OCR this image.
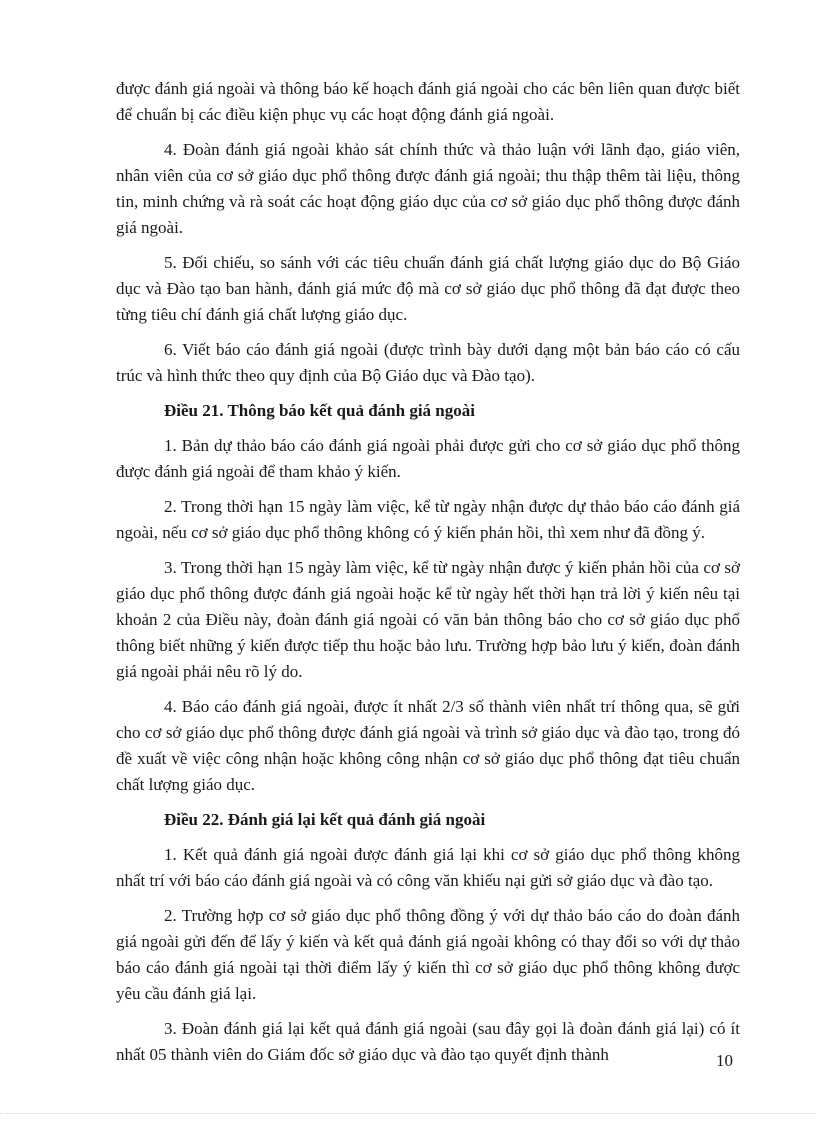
được đánh giá ngoài và thông báo kế hoạch đánh giá ngoài cho các bên liên quan được biết để chuẩn bị các điều kiện phục vụ các hoạt động đánh giá ngoài.

4. Đoàn đánh giá ngoài khảo sát chính thức và thảo luận với lãnh đạo, giáo viên, nhân viên của cơ sở giáo dục phổ thông được đánh giá ngoài; thu thập thêm tài liệu, thông tin, minh chứng và rà soát các hoạt động giáo dục của cơ sở giáo dục phổ thông được đánh giá ngoài.

5. Đối chiếu, so sánh với các tiêu chuẩn đánh giá chất lượng giáo dục do Bộ Giáo dục và Đào tạo ban hành, đánh giá mức độ mà cơ sở giáo dục phổ thông đã đạt được theo từng tiêu chí đánh giá chất lượng giáo dục.

6. Viết báo cáo đánh giá ngoài (được trình bày dưới dạng một bản báo cáo có cấu trúc và hình thức theo quy định của Bộ Giáo dục và Đào tạo).

Điều 21. Thông báo kết quả đánh giá ngoài

1. Bản dự thảo báo cáo đánh giá ngoài phải được gửi cho cơ sở giáo dục phổ thông được đánh giá ngoài để tham khảo ý kiến.

2. Trong thời hạn 15 ngày làm việc, kể từ ngày nhận được dự thảo báo cáo đánh giá ngoài, nếu cơ sở giáo dục phổ thông không có ý kiến phản hồi, thì xem như đã đồng ý.

3. Trong thời hạn 15 ngày làm việc, kể từ ngày nhận được ý kiến phản hồi của cơ sở giáo dục phổ thông được đánh giá ngoài hoặc kể từ ngày hết thời hạn trả lời ý kiến nêu tại khoản 2 của Điều này, đoàn đánh giá ngoài có văn bản thông báo cho cơ sở giáo dục phổ thông biết những ý kiến được tiếp thu hoặc bảo lưu. Trường hợp bảo lưu ý kiến, đoàn đánh giá ngoài phải nêu rõ lý do.

4. Báo cáo đánh giá ngoài, được ít nhất 2/3 số thành viên nhất trí thông qua, sẽ gửi cho cơ sở giáo dục phổ thông được đánh giá ngoài và trình sở giáo dục và đào tạo, trong đó đề xuất về việc công nhận hoặc không công nhận cơ sở giáo dục phổ thông đạt tiêu chuẩn chất lượng giáo dục.

Điều 22. Đánh giá lại kết quả đánh giá ngoài

1. Kết quả đánh giá ngoài được đánh giá lại khi cơ sở giáo dục phổ thông không nhất trí với báo cáo đánh giá ngoài và có công văn khiếu nại gửi sở giáo dục và đào tạo.

2. Trường hợp cơ sở giáo dục phổ thông đồng ý với dự thảo báo cáo do đoàn đánh giá ngoài gửi đến để lấy ý kiến và kết quả đánh giá ngoài không có thay đổi so với dự thảo báo cáo đánh giá ngoài tại thời điểm lấy ý kiến thì cơ sở giáo dục phổ thông không được yêu cầu đánh giá lại.

3. Đoàn đánh giá lại kết quả đánh giá ngoài (sau đây gọi là đoàn đánh giá lại) có ít nhất 05 thành viên do Giám đốc sở giáo dục và đào tạo quyết định thành	10
